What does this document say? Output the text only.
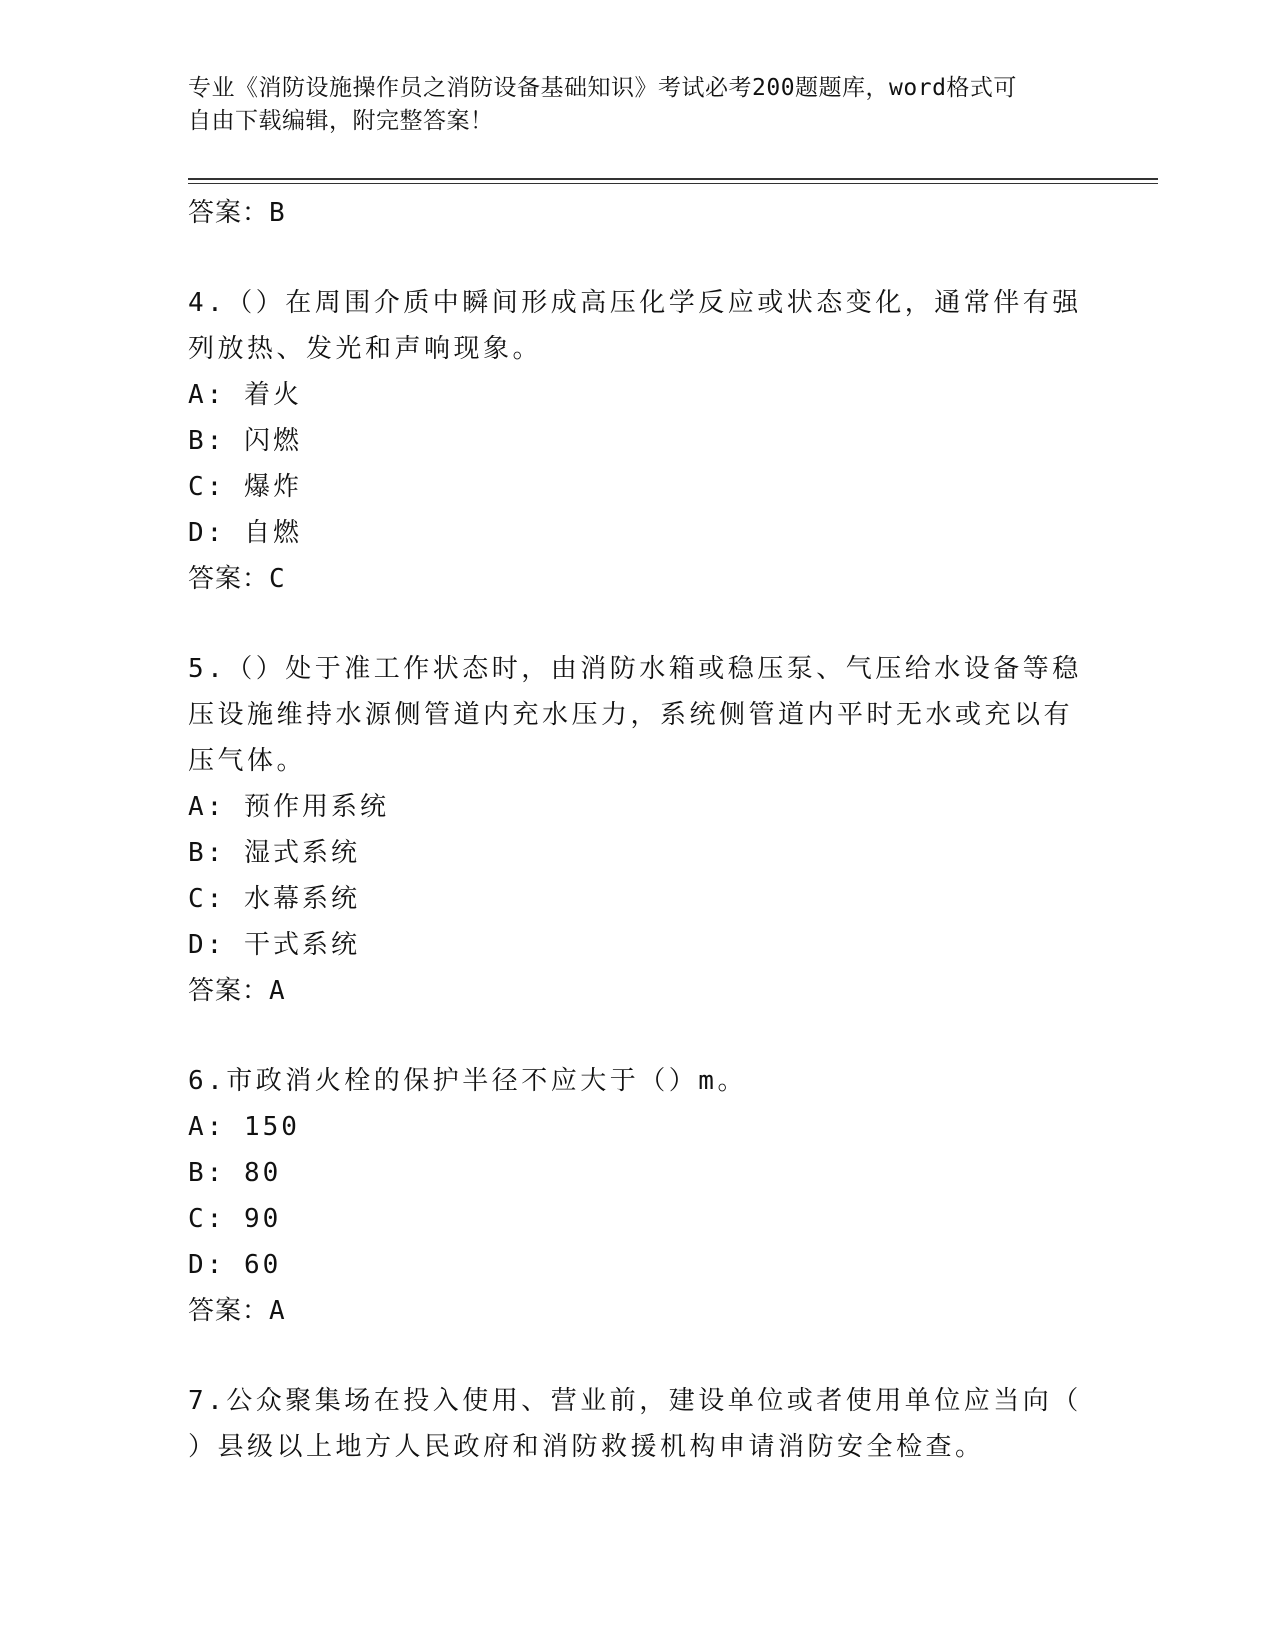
专业《消防设施操作员之消防设备基础知识》考试必考200题题库，word格式可
自由下载编辑，附完整答案！
答案：B
4.（）在周围介质中瞬间形成高压化学反应或状态变化，通常伴有强
列放热、发光和声响现象。
A: 着火
B: 闪燃
C: 爆炸
D: 自燃
答案：C
5.（）处于准工作状态时，由消防水箱或稳压泵、气压给水设备等稳
压设施维持水源侧管道内充水压力，系统侧管道内平时无水或充以有
压气体。
A: 预作用系统
B: 湿式系统
C: 水幕系统
D: 干式系统
答案：A
6.市政消火栓的保护半径不应大于（）m。
A: 150
B: 80
C: 90
D: 60
答案：A
7.公众聚集场在投入使用、营业前，建设单位或者使用单位应当向（
）县级以上地方人民政府和消防救援机构申请消防安全检查。
